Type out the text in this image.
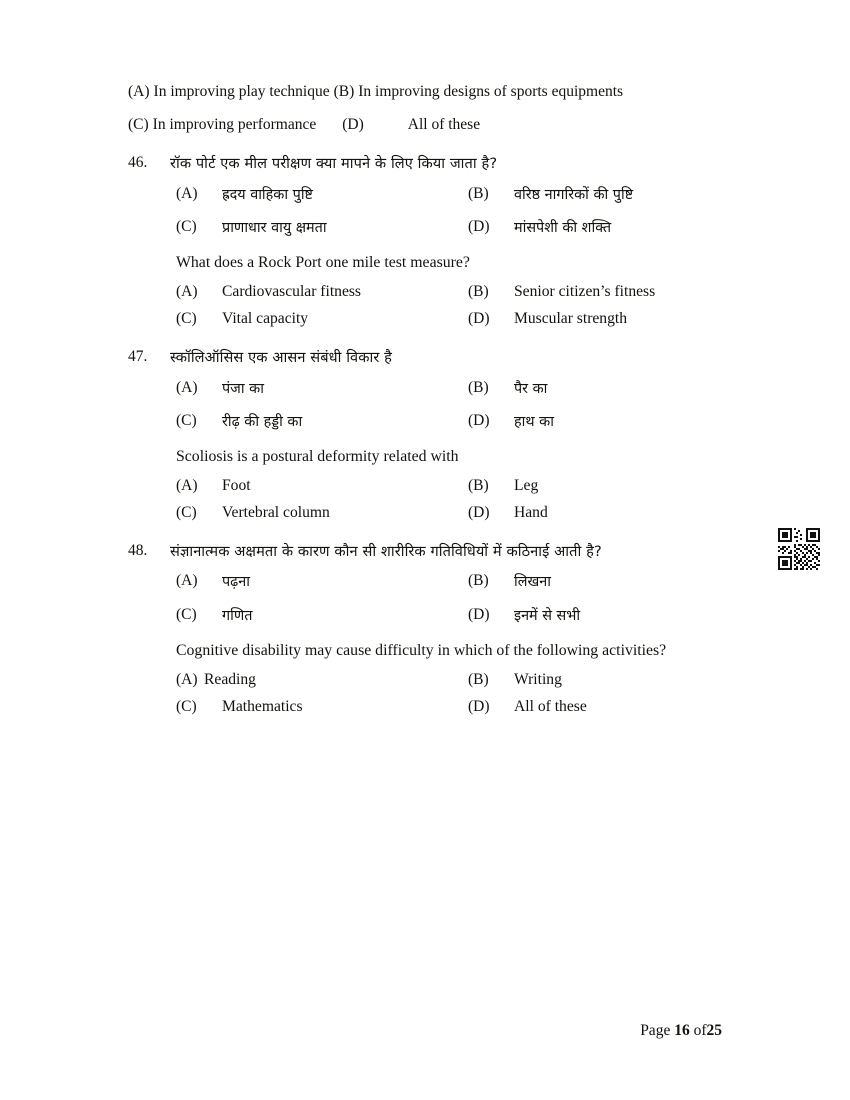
(A) In improving play technique (B) In improving designs of sports equipments
(C) In improving performance (D)	All of these
46.	रॉक पोर्ट एक मील परीक्षण क्या मापने के लिए किया जाता है?
(A)	ह्रदय वाहिका पुष्टि	(B)	वरिष्ठ नागरिकों की पुष्टि
(C)	प्राणाधार वायु क्षमता	(D)	मांसपेशी की शक्ति
What does a Rock Port one mile test measure?
(A)	Cardiovascular fitness	(B)	Senior citizen’s fitness
(C)	Vital capacity	(D)	Muscular strength
47.	स्कॉलिऑसिस एक आसन संबंधी विकार है
(A)	पंजा का	(B)	पैर का
(C)	रीढ़ की हड्डी का	(D)	हाथ का
Scoliosis is a postural deformity related with
(A)	Foot	(B)	Leg
(C)	Vertebral column	(D)	Hand
48.	संज्ञानात्मक अक्षमता के कारण कौन सी शारीरिक गतिविधियों में कठिनाई आती है?
(A)	पढ़ना	(B)	लिखना
(C)	गणित	(D)	इनमें से सभी
Cognitive disability may cause difficulty in which of the following activities?
(A) Reading	(B)	Writing
(C)	Mathematics	(D)	All of these
Page 16 of25
